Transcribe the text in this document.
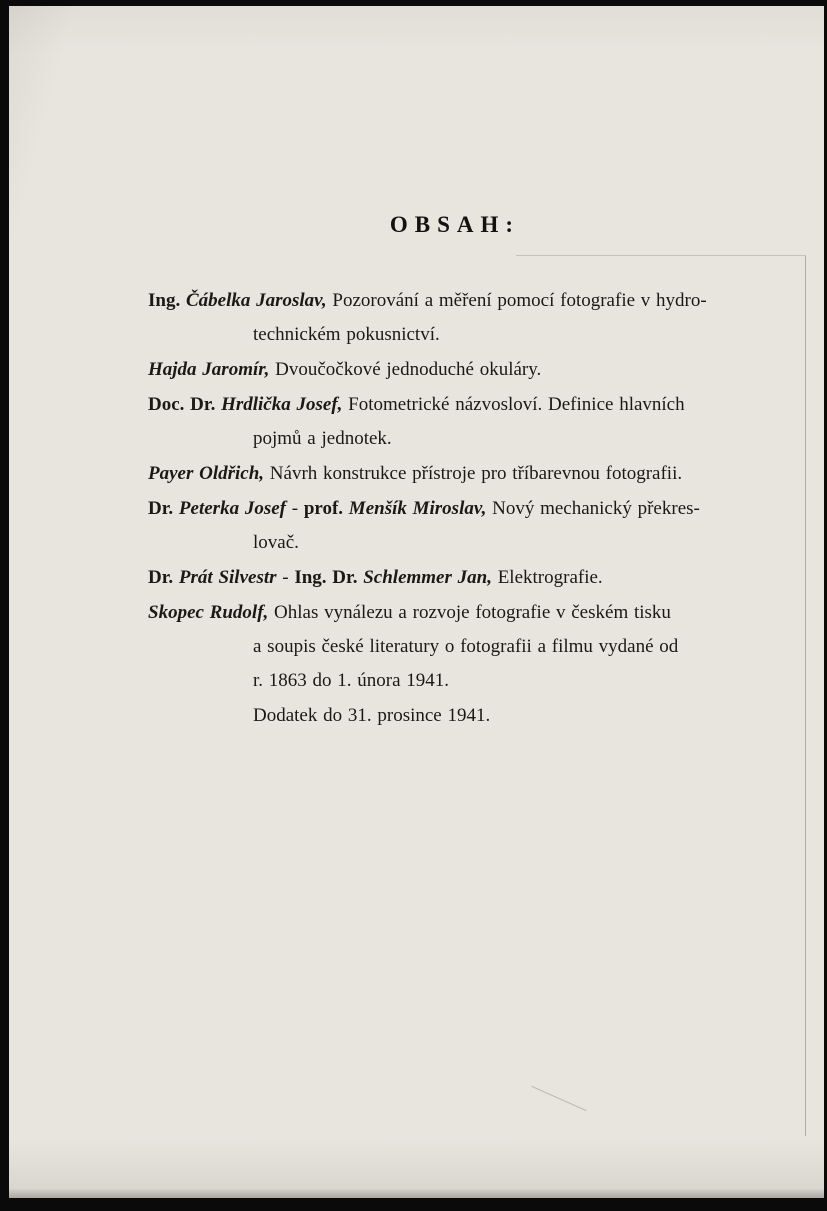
OBSAH:

Ing. Čábelka Jaroslav, Pozorování a měření pomocí fotografie v hydro-
technickém pokusnictví.

Hajda Jaromír, Dvoučočkové jednoduché okuláry.

Doc. Dr. Hrdlička Josef, Fotometrické názvosloví. Definice hlavních
pojmů a jednotek.

Payer Oldřich, Návrh konstrukce přístroje pro tříbarevnou fotografii.

Dr. Peterka Josef - prof. Menšík Miroslav, Nový mechanický překres-
lovač.

Dr. Prát Silvestr - Ing. Dr. Schlemmer Jan, Elektrografie.

Skopec Rudolf, Ohlas vynálezu a rozvoje fotografie v českém tisku
a soupis české literatury o fotografii a filmu vydané od
r. 1863 do 1. února 1941.

Dodatek do 31. prosince 1941.
